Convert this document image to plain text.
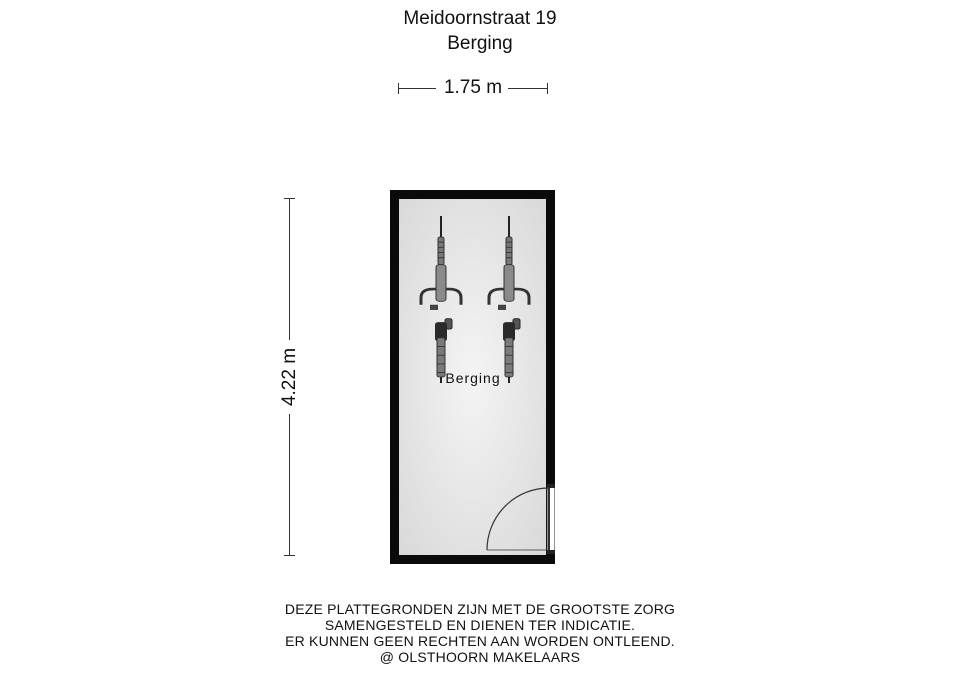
Meidoornstraat 19
Berging
1.75 m
4.22 m	Berging
DEZE PLATTEGRONDEN ZIJN MET DE GROOTSTE ZORG
SAMENGESTELD EN DIENEN TER INDICATIE.
ER KUNNEN GEEN RECHTEN AAN WORDEN ONTLEEND.
@ OLSTHOORN MAKELAARS
